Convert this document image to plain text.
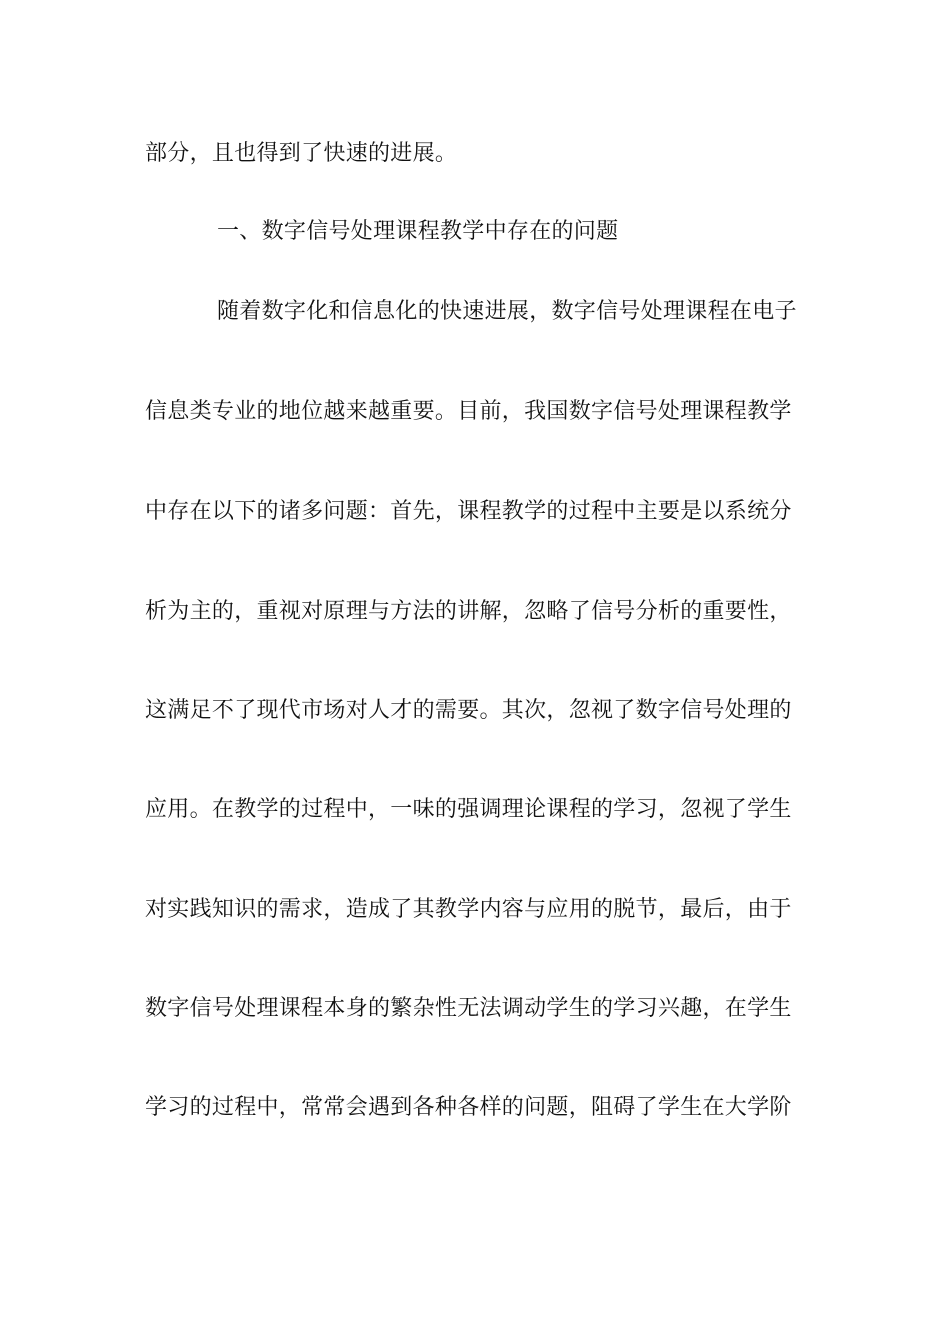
部分，且也得到了快速的进展。
一、数字信号处理课程教学中存在的问题
随着数字化和信息化的快速进展，数字信号处理课程在电子
信息类专业的地位越来越重要。目前，我国数字信号处理课程教学
中存在以下的诸多问题：首先，课程教学的过程中主要是以系统分
析为主的，重视对原理与方法的讲解，忽略了信号分析的重要性，
这满足不了现代市场对人才的需要。其次，忽视了数字信号处理的
应用。在教学的过程中，一味的强调理论课程的学习，忽视了学生
对实践知识的需求，造成了其教学内容与应用的脱节，最后，由于
数字信号处理课程本身的繁杂性无法调动学生的学习兴趣，在学生
学习的过程中，常常会遇到各种各样的问题，阻碍了学生在大学阶
